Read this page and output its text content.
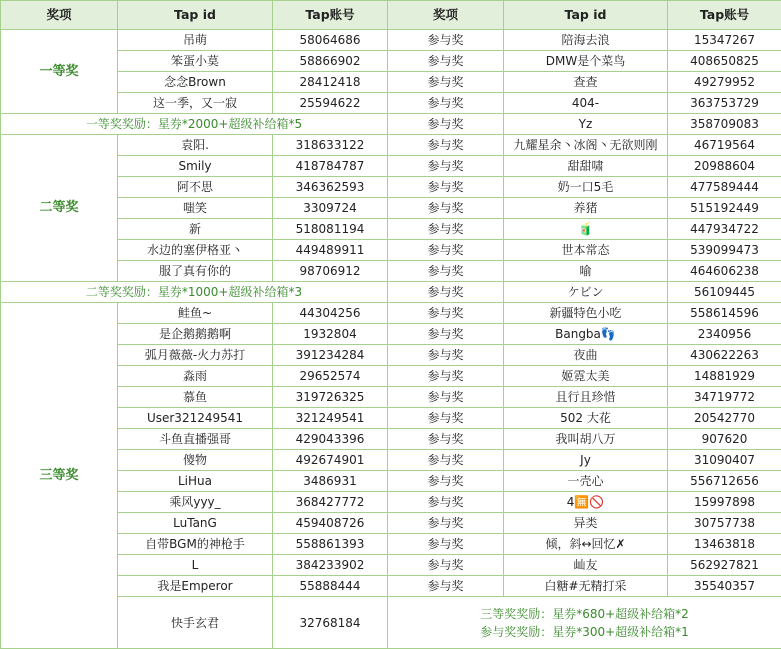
奖项	Tap id	Tap账号
一等奖	吊萌	58064686
	笨蛋小莫	58866902
	念念Brown	28412418
	这一季，又一寂	25594622
一等奖奖励：星券*2000+超级补给箱*5		
二等奖	袁阳.	318633122
	Smily	418784787
	阿不思	346362593
	嗤笑	3309724
	新	518081194
	水边的塞伊格亚丶	449489911
	服了真有你的	98706912
二等奖奖励：星券*1000+超级补给箱*3		
三等奖	鲑鱼~	44304256
	是企鹅鹅鹅啊	1932804
	弧月薇薇-火力苏打	391234284
	淼雨	29652574
	慕鱼	319726325
	User321249541	321249541
	斗鱼直播强哥	429043396
	傻物	492674901
	LiHua	3486931
	乘风yyy_	368427772
	LuTanG	459408726
	自带BGM的神枪手	558861393
	L	384233902
	我是Emperor	55888444
	快手玄君	32768184
奖项	Tap id	Tap账号
参与奖	陪海去浪	15347267
参与奖	DMW是个菜鸟	408650825
参与奖	查查	49279952
参与奖	404-	363753729
参与奖	Yz	358709083
参与奖	九耀星余丶冰阁丶无欲则刚	46719564
参与奖	甜甜啸	20988604
参与奖	奶一口5毛	477589444
参与奖	养猪	515192449
参与奖	🧃	447934722
参与奖	世本常态	539099473
参与奖	喻	464606238
参与奖	ケビン	56109445
参与奖	新疆特色小吃	558614596
参与奖	Bangba👣	2340956
参与奖	夜曲	430622263
参与奖	姬霓太美	14881929
参与奖	且行且珍惜	34719772
参与奖	502 大花	20542770
参与奖	我叫胡八万	907620
参与奖	Jy	31090407
参与奖	一壳心	556712656
参与奖	4🈚🚫	15997898
参与奖	异类	30757738
参与奖	倾，斜↔回忆✗	13463818
参与奖	屾友	562927821
参与奖	白糖#无精打采	35540357

三等奖奖励：星券*680+超级补给箱*2
参与奖奖励：星券*300+超级补给箱*1		
